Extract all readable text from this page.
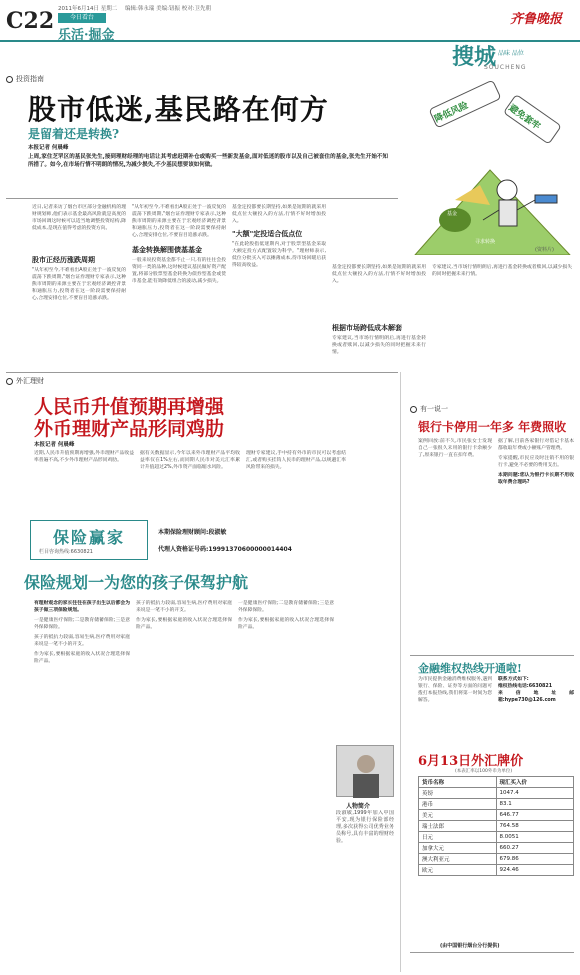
C22 2011年6月14日 星期二 编辑:韩永瑞 美编:钮振 校对:卫先朝
今日看台
乐活·掘金
齐鲁晚报
投资指南
股市低迷,基民路在何方
是留着还是转换?
本报记者 何晨峰
搜城 品味 品位
SOUCHENG
降低风险	避免套牢
基金
寻求转换
(资料片)
上周,家住芝罘区的基民张先生,接到理财经理的电话让其考虑赶期补仓或购买一些新发基金,面对低迷的股市以及自己被套住的基金,张先生开始不知所措了。如今,在市场行情不明朗的情况,为减少损失,不少基民想要该如何做。
近日,记者来访了烟台市区部分金融机构的理财规划师,他们表示基金最高风险就是高度的市场回调这时候可以适当地调整投资结构,降低成本,是现在值得考虑的投资方向。
股市正经历涨跌周期
"从年初至今,不难看出A股正处于一波反复的震荡下跌周期,"烟台证券理财专家表示,这种熊市周期的来源主要在于宏观经济调控背景和通胀压力,投资者在这一阶段需要保持耐心,合理安排仓位,不要盲目追涨杀跌。
"从年初至今,不难看出A股正处于一波反复的震荡下跌周期,"烟台证券理财专家表示,这种熊市周期的来源主要在于宏观经济调控背景和通胀压力,投资者在这一阶段需要保持耐心,合理安排仓位,不要盲目追涨杀跌。
基金转换解围债基基金
一般来说投资基金都不止一只,有的往往会投资同一类的品种,这时候建议基民做好资产配置,将部分股票型基金转换为债券型基金或货币基金,能有效降低组合的波动,减少损失。
基金定投都要长期坚持,如果是短期的就采用低点位大额投入的方法,行情不好时增加投入。
"大额"定投适合低点位
"在此轮股指低迷期内,对于股票型基金采取大额定投方式配置较为科学。"理财师表示,低位分批买入可以摊薄成本,待市场回暖后获得较高收益。	基金定投都要长期坚持,如果是短期的就采用低点位大额投入的方法,行情不好时增加投入。
根据市场跨低成本解套
专家建议,当市场行情明朗后,再进行基金转换或者赎回,以减少损失的同时把握未来行情。
专家建议,当市场行情明朗后,再进行基金转换或者赎回,以减少损失的同时把握未来行情。
外汇理财
人民币升值预期再增强
外币理财产品形同鸡肋
本报记者 何晨峰
近期,人民币升值预期再增强,外币理财产品收益率普遍不高,不少外币理财产品形同鸡肋。
据有关数据显示,今年以来外币理财产品平均收益率仅在1%左右,而同期人民币对美元汇率累计升值超过2%,外币资产面临缩水风险。
理财专家建议,手中持有外币的市民可以考虑结汇,或者购买挂钩人民币的理财产品,以规避汇率风险带来的损失。
保险赢家
栏目咨询热线:6630821
本期保险理财顾问:段淑敏
代理人资格证号码:19991370600000014404
保险规划一为您的孩子保驾护航
有理财观念的家长往往在孩子出生以后都会为孩子做三项保险规划。
一是健康医疗保险;二是教育储蓄保险;三是意外保障保险。
孩子的抵抗力较弱,容易生病,医疗费用对家庭来说是一笔不小的开支。
作为家长,要根据家庭的收入状况合理选择保险产品。
孩子的抵抗力较弱,容易生病,医疗费用对家庭来说是一笔不小的开支。
作为家长,要根据家庭的收入状况合理选择保险产品。
一是健康医疗保险;二是教育储蓄保险;三是意外保障保险。
作为家长,要根据家庭的收入状况合理选择保险产品。
人物简介
段淑敏,1999年加入中国平安,现为银行保险部经理,多次获得公司优秀业务员称号,具有丰富的理财经验。
有一说一
银行卡停用一年多 年费照收
案例回放:前不久,市民张女士发现自己一张很久未用的银行卡余额少了,原来银行一直在扣年费。
据了解,目前各家银行对借记卡基本都收取年费或小额账户管理费。
专家提醒,市民应及时注销不用的银行卡,避免不必要的费用支出。
本期问题:您认为银行卡长期不用收取年费合理吗?
金融维权热线开通啦!
为市民提供金融消费维权服务,遇到银行、保险、证券等方面的问题可拨打本报热线,我们将第一时间为您解答。
联系方式如下:
维权热线电话:6630821
来信地址邮箱:hype730@126.com
6月13日外汇牌价
(本表汇率以100外币为单位)
货币名称	现汇买入价
英镑	1047.4
港币	83.1
美元	646.77
瑞士法郎	764.58
日元	8.0051
加拿大元	660.27
澳大利亚元	679.86
欧元	924.46
(由中国银行烟台分行提供)
